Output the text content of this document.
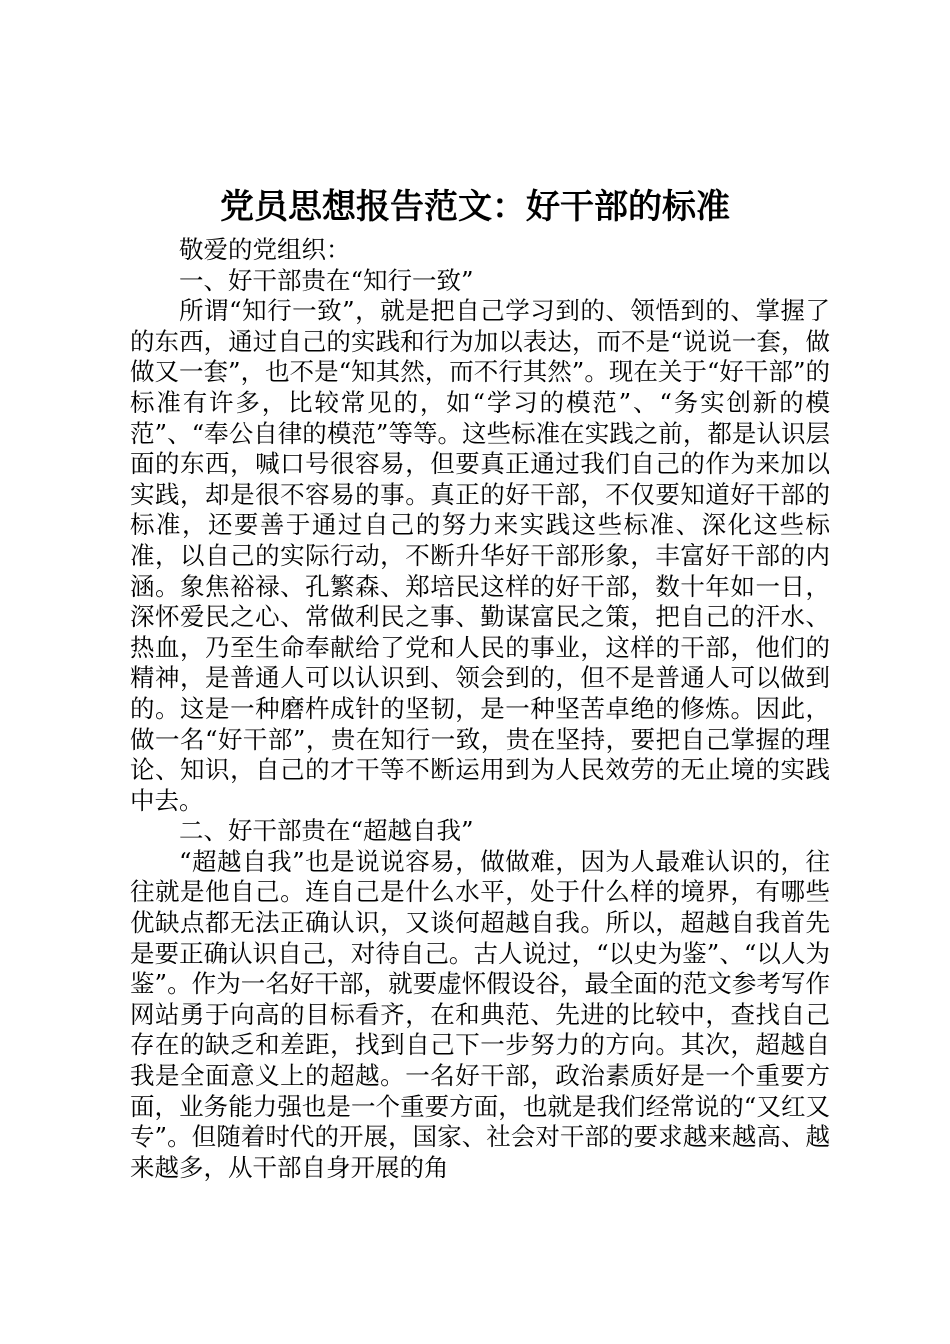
党员思想报告范文：好干部的标准

敬爱的党组织：

一、好干部贵在“知行一致”

所谓“知行一致”，就是把自己学习到的、领悟到的、掌握了的东西，通过自己的实践和行为加以表达，而不是“说说一套，做做又一套”，也不是“知其然，而不行其然”。现在关于“好干部”的标准有许多，比较常见的，如“学习的模范”、“务实创新的模范”、“奉公自律的模范”等等。这些标准在实践之前，都是认识层面的东西，喊口号很容易，但要真正通过我们自己的作为来加以实践，却是很不容易的事。真正的好干部，不仅要知道好干部的标准，还要善于通过自己的努力来实践这些标准、深化这些标准，以自己的实际行动，不断升华好干部形象，丰富好干部的内涵。象焦裕禄、孔繁森、郑培民这样的好干部，数十年如一日，深怀爱民之心、常做利民之事、勤谋富民之策，把自己的汗水、热血，乃至生命奉献给了党和人民的事业，这样的干部，他们的精神，是普通人可以认识到、领会到的，但不是普通人可以做到的。这是一种磨杵成针的坚韧，是一种坚苦卓绝的修炼。因此，做一名“好干部”，贵在知行一致，贵在坚持，要把自己掌握的理论、知识，自己的才干等不断运用到为人民效劳的无止境的实践中去。

二、好干部贵在“超越自我”

“超越自我”也是说说容易，做做难，因为人最难认识的，往往就是他自己。连自己是什么水平，处于什么样的境界，有哪些优缺点都无法正确认识，又谈何超越自我。所以，超越自我首先是要正确认识自己，对待自己。古人说过，“以史为鉴”、“以人为鉴”。作为一名好干部，就要虚怀假设谷，最全面的范文参考写作网站勇于向高的目标看齐，在和典范、先进的比较中，查找自己存在的缺乏和差距，找到自己下一步努力的方向。其次，超越自我是全面意义上的超越。一名好干部，政治素质好是一个重要方面，业务能力强也是一个重要方面，也就是我们经常说的“又红又专”。但随着时代的开展，国家、社会对干部的要求越来越高、越来越多，从干部自身开展的角
